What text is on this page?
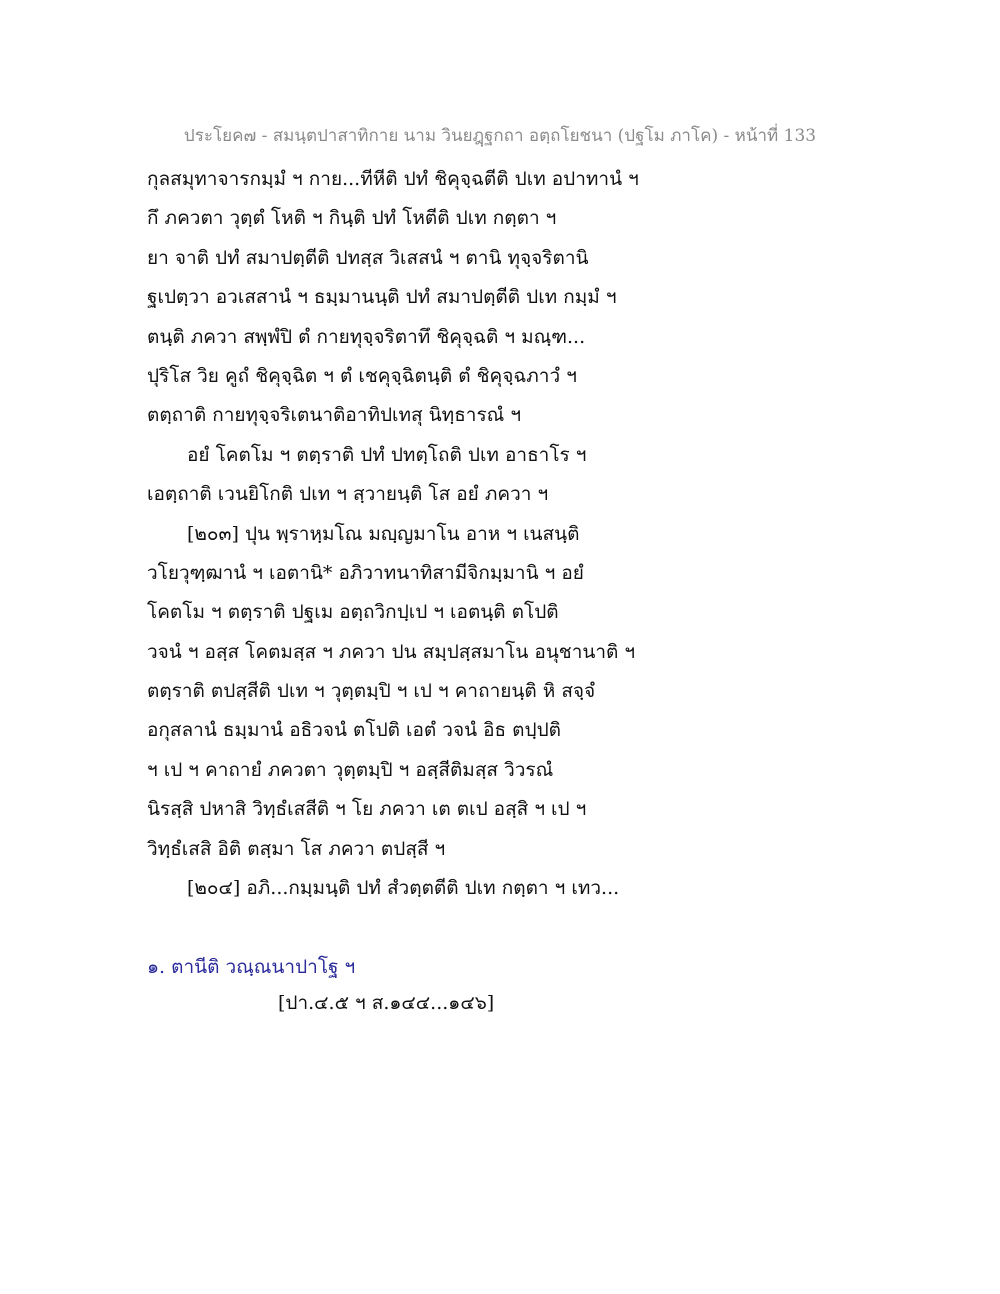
ประโยค๗ - สมนฺตปาสาทิกาย นาม วินยฎฺฐกถา อตฺถโยชนา (ปฐโม ภาโค) - หน้าที่ 133
กุลสมุทาจารกมฺมํ ฯ กาย...ทีหีติ ปทํ ชิคุจฺฉตีติ ปเท อปาทานํ ฯ
กึ ภควตา วุตฺตํ โหติ ฯ กินฺติ ปทํ โหตีติ ปเท กตฺตา ฯ
ยา จาติ ปทํ สมาปตฺตีติ ปทสฺส วิเสสนํ ฯ ตานิ ทุจฺจริตานิ
ฐเปตฺวา อวเสสานํ ฯ ธมฺมานนฺติ ปทํ สมาปตฺตีติ ปเท กมฺมํ ฯ
ตนฺติ ภควา สพฺพํปิ ตํ กายทุจฺจริตาทึ ชิคุจฺฉติ ฯ มณฺฑ...
ปุริโส วิย คูถํ ชิคุจฺฉิต ฯ ตํ เชคุจฺฉิตนฺติ ตํ ชิคุจฺฉภาวํ ฯ
ตตฺถาติ กายทุจฺจริเตนาติอาทิปเทสุ นิทฺธารณํ ฯ
อยํ โคตโม ฯ ตตฺราติ ปทํ ปทตฺโถติ ปเท อาธาโร ฯ
เอตฺถาติ เวนยิโกติ ปเท ฯ สฺวายนฺติ โส อยํ ภควา ฯ
[๒๐๓] ปุน พฺราหฺมโณ มญฺญมาโน อาห ฯ เนสนฺติ
วโยวุฑฺฒานํ ฯ เอตานิ* อภิวาทนาทิสามีจิกมฺมานิ ฯ อยํ
โคตโม ฯ ตตฺราติ ปฐเม อตฺถวิกปฺเป ฯ เอตนฺติ ตโปติ
วจนํ ฯ อสฺส โคตมสฺส ฯ ภควา ปน สมฺปสฺสมาโน อนุชานาติ ฯ
ตตฺราติ ตปสฺสีติ ปเท ฯ วุตฺตมฺปิ ฯ เป ฯ คาถายนฺติ หิ สจฺจํ
อกุสลานํ ธมฺมานํ อธิวจนํ ตโปติ เอตํ วจนํ อิธ ตปฺปติ
ฯ เป ฯ คาถายํ ภควตา วุตฺตมฺปิ ฯ อสฺสีติมสฺส วิวรณํ
นิรสฺสิ ปหาสิ วิทฺธํเสสีติ ฯ โย ภควา เต ตเป อสฺสิ ฯ เป ฯ
วิทฺธํเสสิ อิติ ตสฺมา โส ภควา ตปสฺสี ฯ
[๒๐๔] อภิ...กมฺมนฺติ ปทํ สํวตฺตตีติ ปเท กตฺตา ฯ เทว...
๑. ตานีติ วณฺณนาปาโฐ ฯ
[ปา.๔.๕ ฯ ส.๑๔๔...๑๔๖]
